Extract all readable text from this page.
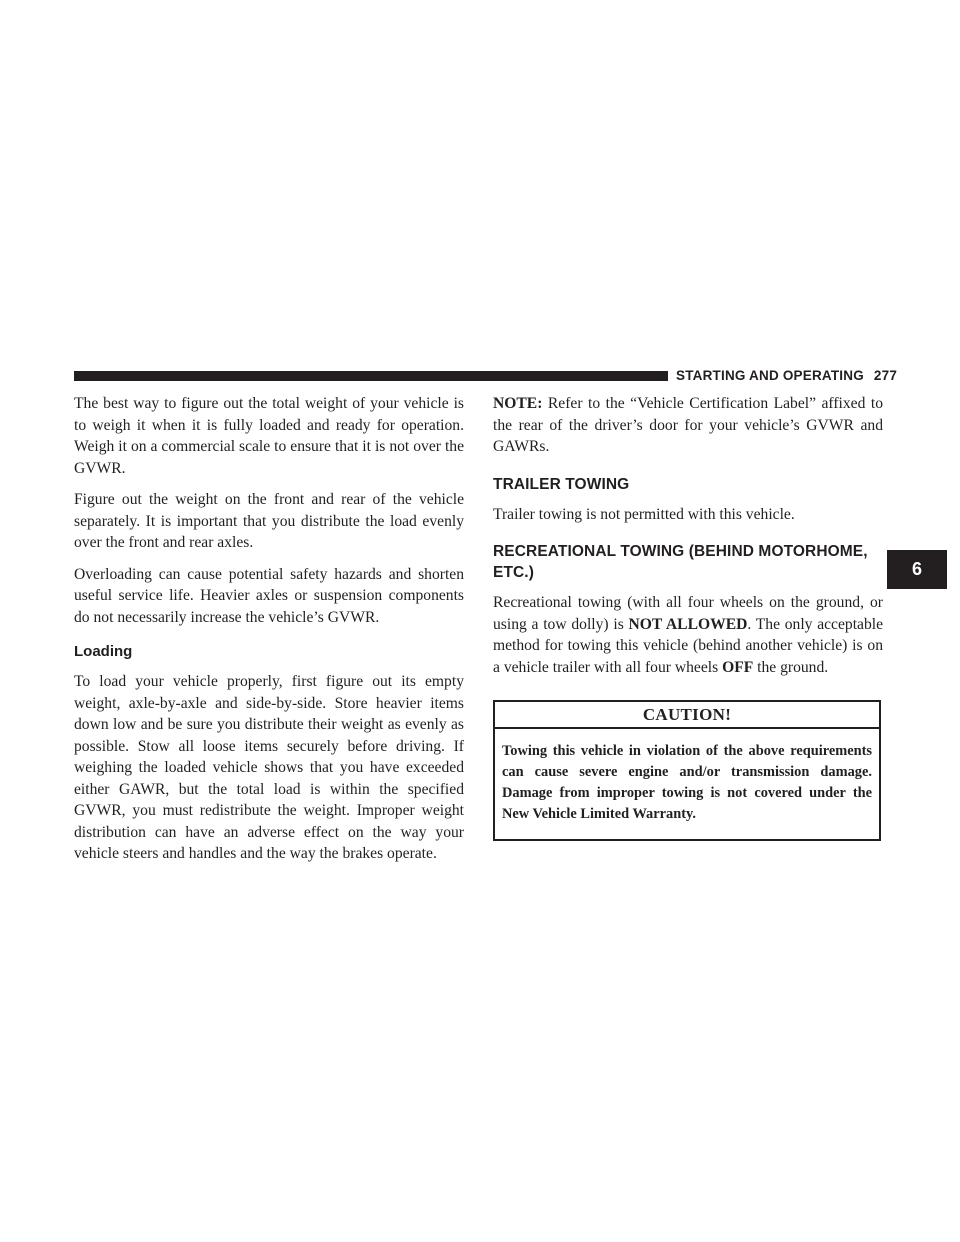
STARTING AND OPERATING 277
6

The best way to figure out the total weight of your vehicle is to weigh it when it is fully loaded and ready for operation. Weigh it on a commercial scale to ensure that it is not over the GVWR.

Figure out the weight on the front and rear of the vehicle separately. It is important that you distribute the load evenly over the front and rear axles.

Overloading can cause potential safety hazards and shorten useful service life. Heavier axles or suspension components do not necessarily increase the vehicle’s GVWR.

Loading

To load your vehicle properly, first figure out its empty weight, axle-by-axle and side-by-side. Store heavier items down low and be sure you distribute their weight as evenly as possible. Stow all loose items securely before driving. If weighing the loaded vehicle shows that you have exceeded either GAWR, but the total load is within the specified GVWR, you must redistribute the weight. Improper weight distribution can have an adverse effect on the way your vehicle steers and handles and the way the brakes operate.

NOTE: Refer to the “Vehicle Certification Label” affixed to the rear of the driver’s door for your vehicle’s GVWR and GAWRs.

TRAILER TOWING

Trailer towing is not permitted with this vehicle.

RECREATIONAL TOWING (BEHIND MOTORHOME, ETC.)

Recreational towing (with all four wheels on the ground, or using a tow dolly) is NOT ALLOWED. The only acceptable method for towing this vehicle (behind another vehicle) is on a vehicle trailer with all four wheels OFF the ground.

CAUTION!
Towing this vehicle in violation of the above requirements can cause severe engine and/or transmission damage. Damage from improper towing is not covered under the New Vehicle Limited Warranty.
